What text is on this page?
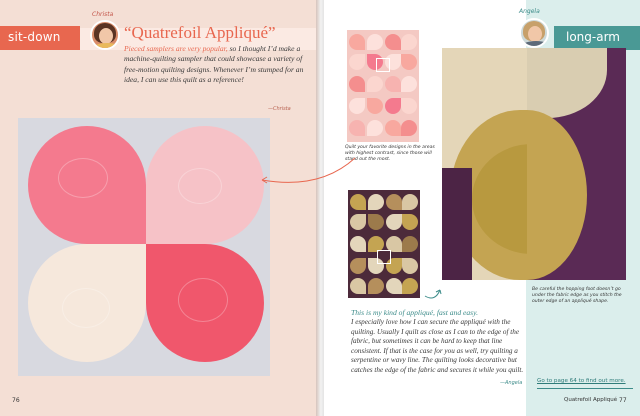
sit-down
Christa
“Quatrefoil Appliqué”

Pieced samplers are very popular, so I thought I’d make a machine-quilting sampler that could showcase a variety of free-motion quilting designs. Whenever I’m stumped for an idea, I can use this quilt as a reference!

—Christa
76
Angela
long-arm

Quilt your favorite designs in the areas with highest contrast, since those will stand out the most.

Be careful the hopping foot doesn’t go under the fabric edge as you stitch the outer edge of an appliqué shape.

This is my kind of appliqué, fast and easy.

I especially love how I can secure the appliqué with the quilting. Usually I quilt as close as I can to the edge of the fabric, but sometimes it can be hard to keep that line consistent. If that is the case for you as well, try quilting a serpentine or wavy line. The quilting looks decorative but catches the edge of the fabric and secures it while you quilt.

—Angela	Go to page 64 to find out more.
Quatrefoil Appliqué 77
